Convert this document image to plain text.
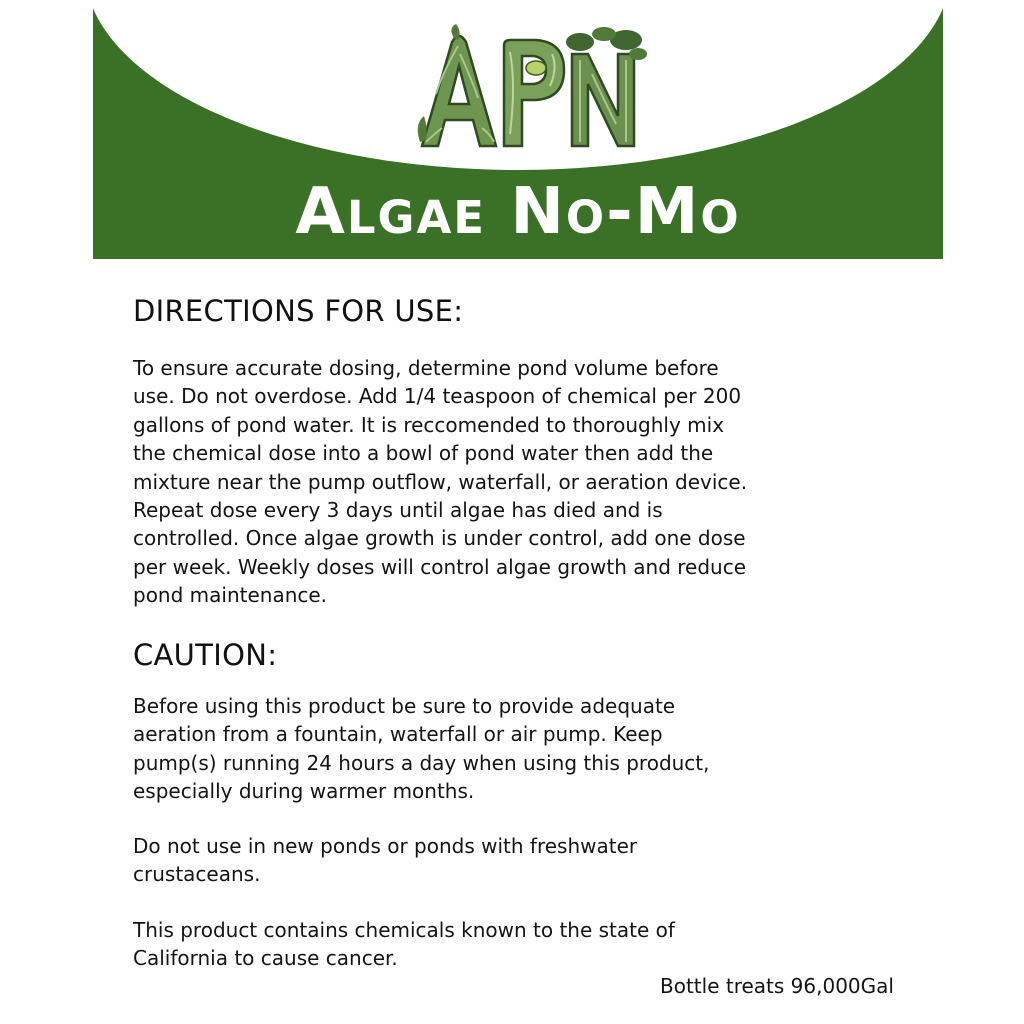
Algae No-Mo
DIRECTIONS FOR USE:
To ensure accurate dosing, determine pond volume before
use. Do not overdose. Add 1/4 teaspoon of chemical per 200
gallons of pond water. It is reccomended to thoroughly mix
the chemical dose into a bowl of pond water then add the
mixture near the pump outflow, waterfall, or aeration device.
Repeat dose every 3 days until algae has died and is
controlled. Once algae growth is under control, add one dose
per week. Weekly doses will control algae growth and reduce
pond maintenance.
CAUTION:
Before using this product be sure to provide adequate
aeration from a fountain, waterfall or air pump. Keep
pump(s) running 24 hours a day when using this product,
especially during warmer months.
Do not use in new ponds or ponds with freshwater
crustaceans.
This product contains chemicals known to the state of
California to cause cancer.
Bottle treats 96,000Gal
